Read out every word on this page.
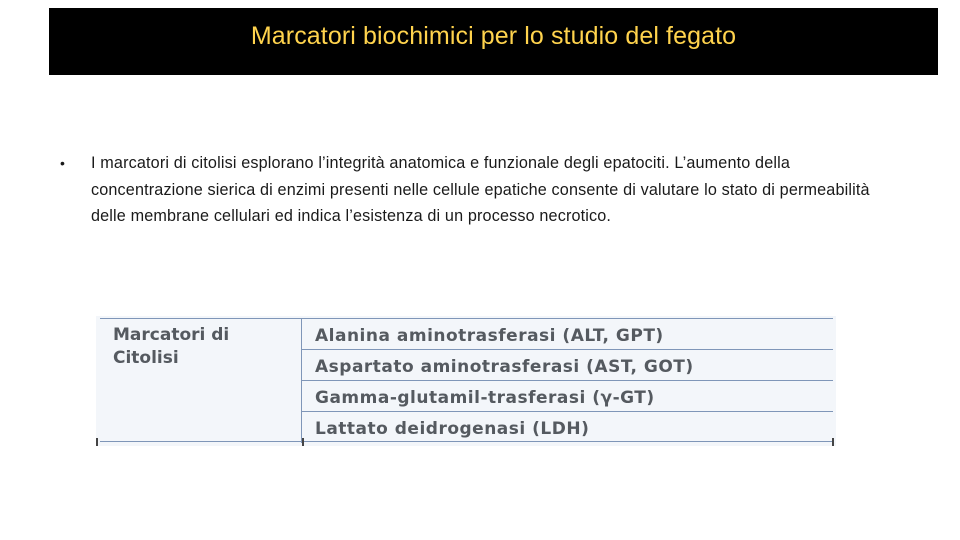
Marcatori biochimici per lo studio del fegato
•	I marcatori di citolisi esplorano l’integrità anatomica e funzionale degli epatociti. L’aumento della concentrazione sierica di enzimi presenti nelle cellule epatiche consente di valutare lo stato di permeabilità delle membrane cellulari ed indica l’esistenza di un processo necrotico.
Marcatori di
Citolisi
Alanina aminotrasferasi (ALT, GPT)
Aspartato aminotrasferasi (AST, GOT)
Gamma-glutamil-trasferasi (γ-GT)
Lattato deidrogenasi (LDH)
